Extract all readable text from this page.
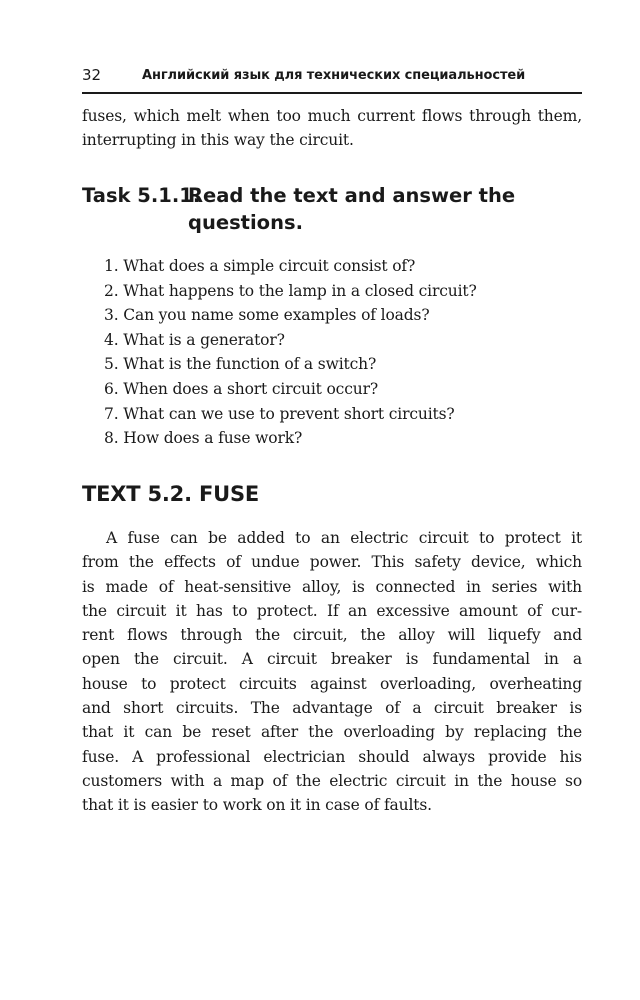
32	Английский язык для технических специальностей

fuses, which melt when too much current flows through them, interrupting in this way the circuit.

Task 5.1.1.
Read the text and answer the questions.
1. What does a simple circuit consist of?
2. What happens to the lamp in a closed circuit?
3. Can you name some examples of loads?
4. What is a generator?
5. What is the function of a switch?
6. When does a short circuit occur?
7. What can we use to prevent short circuits?
8. How does a fuse work?
TEXT 5.2. FUSE
A fuse can be added to an electric circuit to protect it
from the effects of undue power. This safety device, which
is made of heat-sensitive alloy, is connected in series with
the circuit it has to protect. If an excessive amount of cur-
rent flows through the circuit, the alloy will liquefy and
open the circuit. A circuit breaker is fundamental in a
house to protect circuits against overloading, overheating
and short circuits. The advantage of a circuit breaker is
that it can be reset after the overloading by replacing the
fuse. A professional electrician should always provide his
customers with a map of the electric circuit in the house so
that it is easier to work on it in case of faults.
